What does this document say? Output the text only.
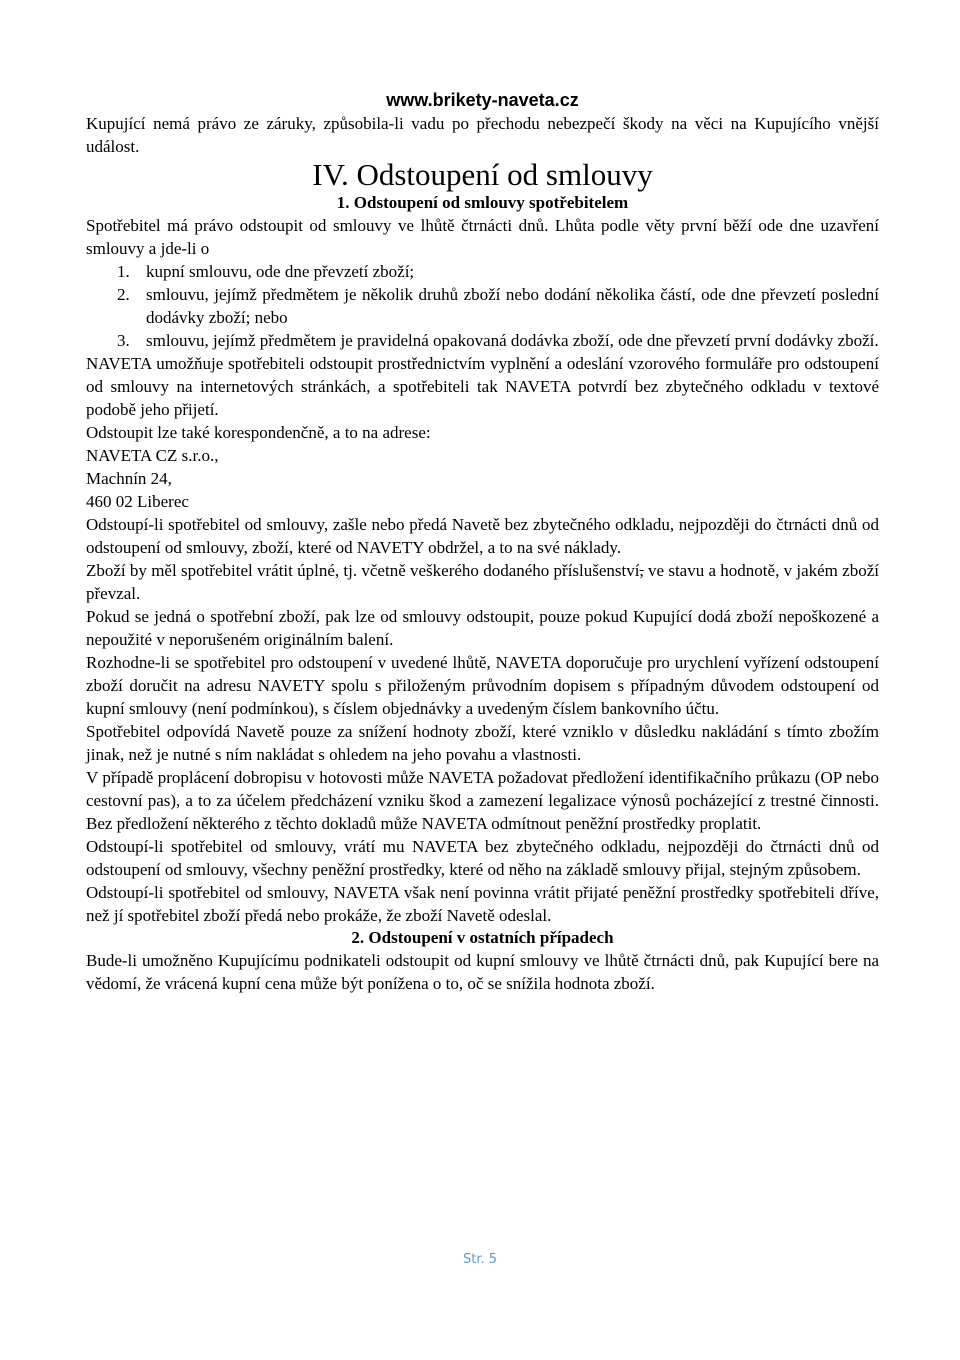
www.brikety-naveta.cz

Kupující nemá právo ze záruky, způsobila-li vadu po přechodu nebezpečí škody na věci na Kupujícího vnější událost.

IV. Odstoupení od smlouvy
1. Odstoupení od smlouvy spotřebitelem

Spotřebitel má právo odstoupit od smlouvy ve lhůtě čtrnácti dnů. Lhůta podle věty první běží ode dne uzavření smlouvy a jde-li o

1. kupní smlouvu, ode dne převzetí zboží;
2. smlouvu, jejímž předmětem je několik druhů zboží nebo dodání několika částí, ode dne převzetí poslední dodávky zboží; nebo
3. smlouvu, jejímž předmětem je pravidelná opakovaná dodávka zboží, ode dne převzetí první dodávky zboží.

NAVETA umožňuje spotřebiteli odstoupit prostřednictvím vyplnění a odeslání vzorového formuláře pro odstoupení od smlouvy na internetových stránkách, a spotřebiteli tak NAVETA potvrdí bez zbytečného odkladu v textové podobě jeho přijetí.

Odstoupit lze také korespondenčně, a to na adrese:

NAVETA CZ s.r.o.,

Machnín 24,

460 02 Liberec

Odstoupí-li spotřebitel od smlouvy, zašle nebo předá Navetě bez zbytečného odkladu, nejpozději do čtrnácti dnů od odstoupení od smlouvy, zboží, které od NAVETY obdržel, a to na své náklady.

Zboží by měl spotřebitel vrátit úplné, tj. včetně veškerého dodaného příslušenství, ve stavu a hodnotě, v jakém zboží převzal.

Pokud se jedná o spotřební zboží, pak lze od smlouvy odstoupit, pouze pokud Kupující dodá zboží nepoškozené a nepoužité v neporušeném originálním balení.

Rozhodne-li se spotřebitel pro odstoupení v uvedené lhůtě, NAVETA doporučuje pro urychlení vyřízení odstoupení zboží doručit na adresu NAVETY spolu s přiloženým průvodním dopisem s případným důvodem odstoupení od kupní smlouvy (není podmínkou), s číslem objednávky a uvedeným číslem bankovního účtu.

Spotřebitel odpovídá Navetě pouze za snížení hodnoty zboží, které vzniklo v důsledku nakládání s tímto zbožím jinak, než je nutné s ním nakládat s ohledem na jeho povahu a vlastnosti.

V případě proplácení dobropisu v hotovosti může NAVETA požadovat předložení identifikačního průkazu (OP nebo cestovní pas), a to za účelem předcházení vzniku škod a zamezení legalizace výnosů pocházející z trestné činnosti. Bez předložení některého z těchto dokladů může NAVETA odmítnout peněžní prostředky proplatit.

Odstoupí-li spotřebitel od smlouvy, vrátí mu NAVETA bez zbytečného odkladu, nejpozději do čtrnácti dnů od odstoupení od smlouvy, všechny peněžní prostředky, které od něho na základě smlouvy přijal, stejným způsobem.

Odstoupí-li spotřebitel od smlouvy, NAVETA však není povinna vrátit přijaté peněžní prostředky spotřebiteli dříve, než jí spotřebitel zboží předá nebo prokáže, že zboží Navetě odeslal.

2. Odstoupení v ostatních případech

Bude-li umožněno Kupujícímu podnikateli odstoupit od kupní smlouvy ve lhůtě čtrnácti dnů, pak Kupující bere na vědomí, že vrácená kupní cena může být ponížena o to, oč se snížila hodnota zboží.

Str. 5
